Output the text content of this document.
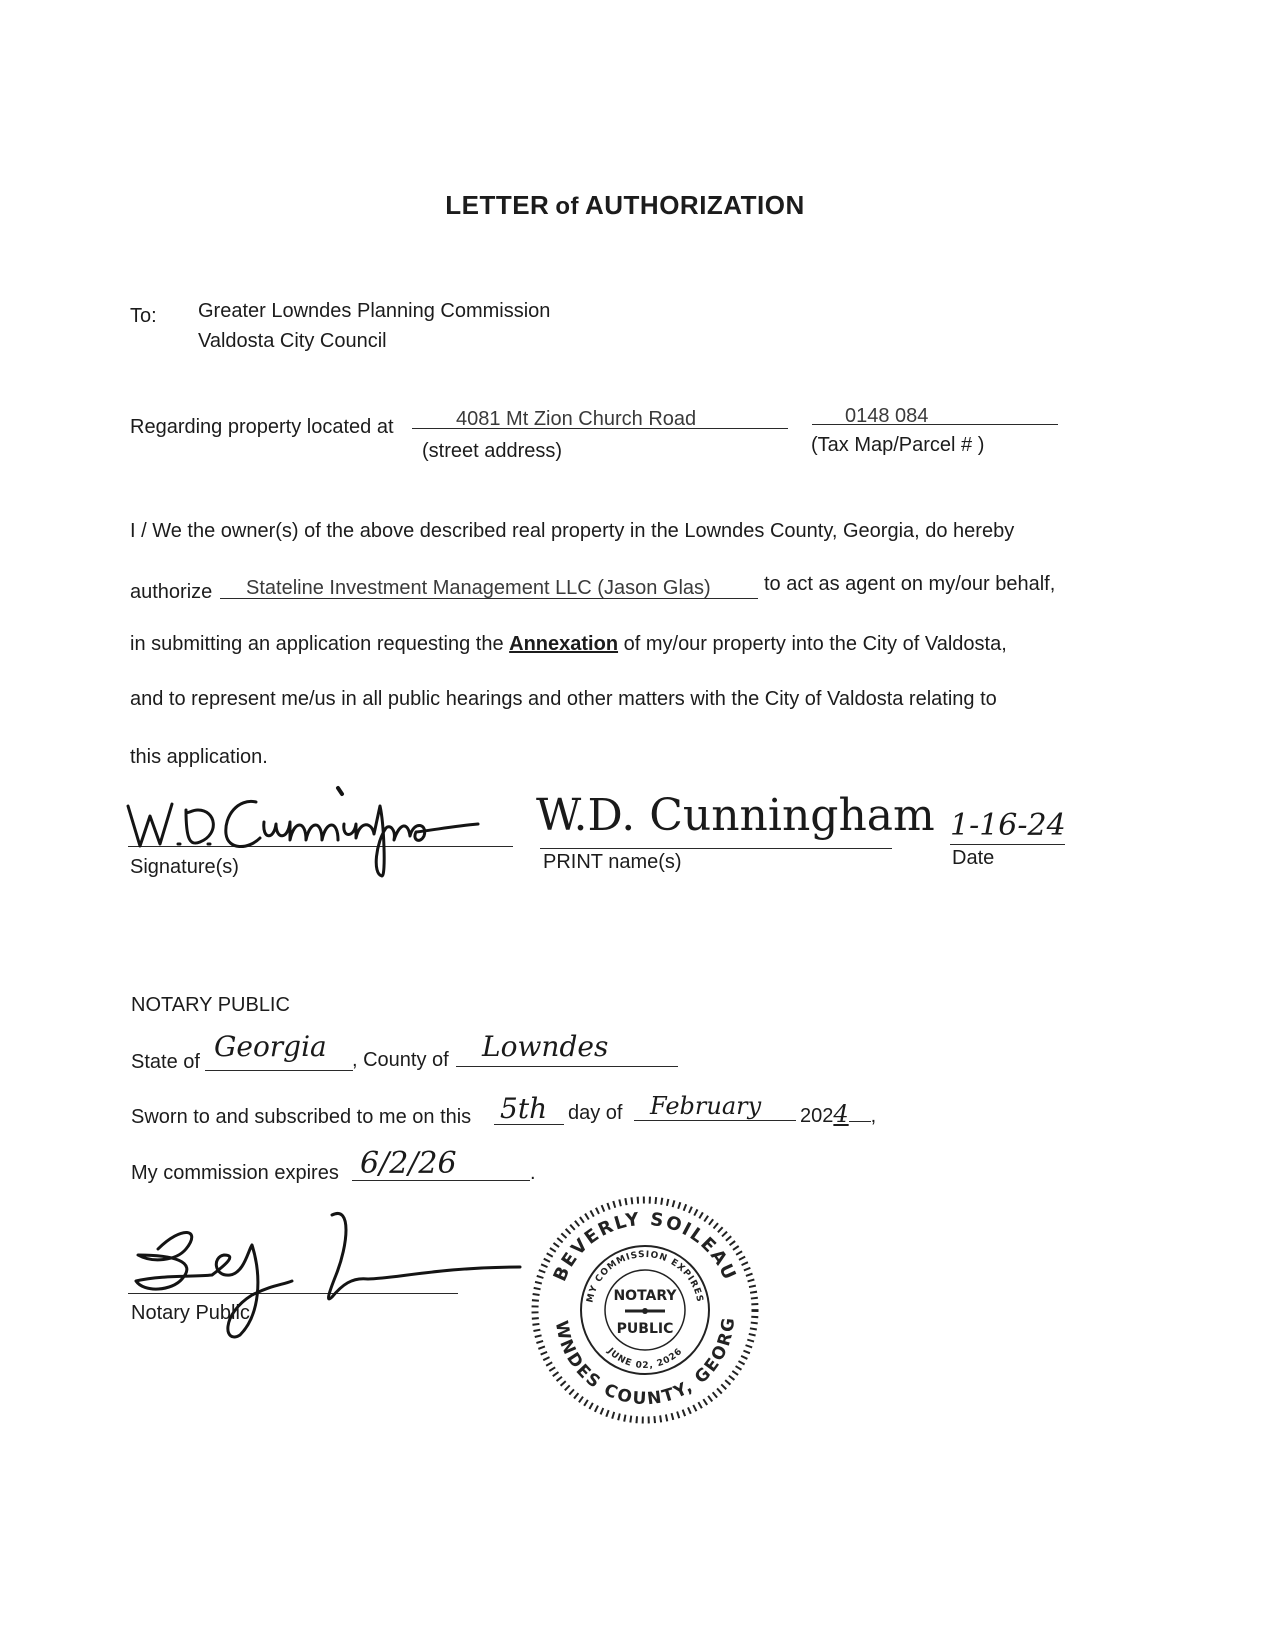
LETTER of AUTHORIZATION
To: Greater Lowndes Planning Commission
Valdosta City Council
Regarding property located at	4081 Mt Zion Church Road
(street address)
0148 084
(Tax Map/Parcel # )
I / We the owner(s) of the above described real property in the Lowndes County, Georgia, do hereby
authorize Stateline Investment Management LLC (Jason Glas)	to act as agent on my/our behalf,
in submitting an application requesting the Annexation of my/our property into the City of Valdosta,
and to represent me/us in all public hearings and other matters with the City of Valdosta relating to
this application.
Signature(s)
W.D. Cunningham
PRINT name(s)
1-16-24
Date
NOTARY PUBLIC
State of Georgia , County of Lowndes
Sworn to and subscribed to me on this 5th day of February 2024 ,
My commission expires 6/2/26	.
Notary Public
BEVERLY SOILEAU
LOWNDES COUNTY, GEORGIA
MY COMMISSION EXPIRES
JUNE 02, 2026
NOTARY
PUBLIC
